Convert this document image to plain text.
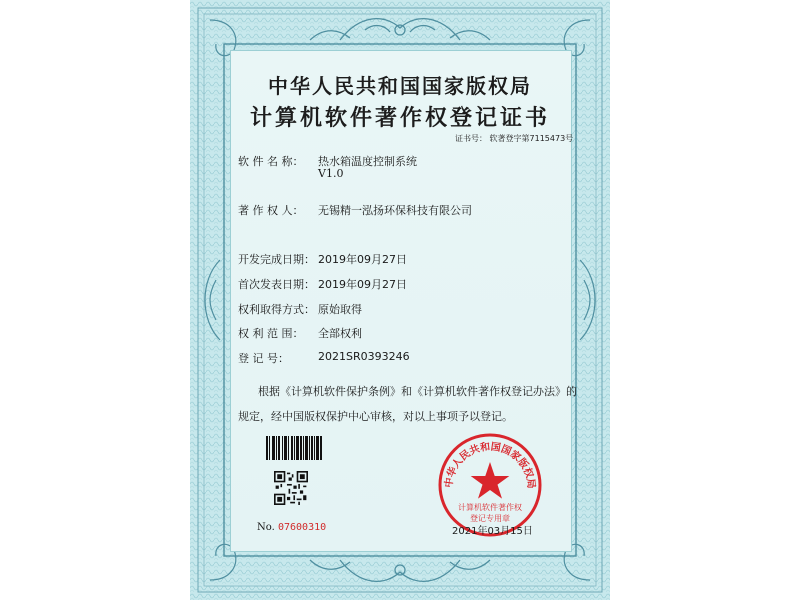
中华人民共和国国家版权局
计算机软件著作权登记证书
证书号： 软著登字第7115473号
软 件 名 称： 热水箱温度控制系统
V1.0
著 作 权 人： 无锡精一泓扬环保科技有限公司
开发完成日期： 2019年09月27日
首次发表日期： 2019年09月27日
权利取得方式： 原始取得
权 利 范 围： 全部权利
登 记 号：	2021SR0393246
根据《计算机软件保护条例》和《计算机软件著作权登记办法》的
规定，经中国版权保护中心审核，对以上事项予以登记。
No. 07600310
中华人民共和国国家版权局
计算机软件著作权
登记专用章
2021年03月15日
